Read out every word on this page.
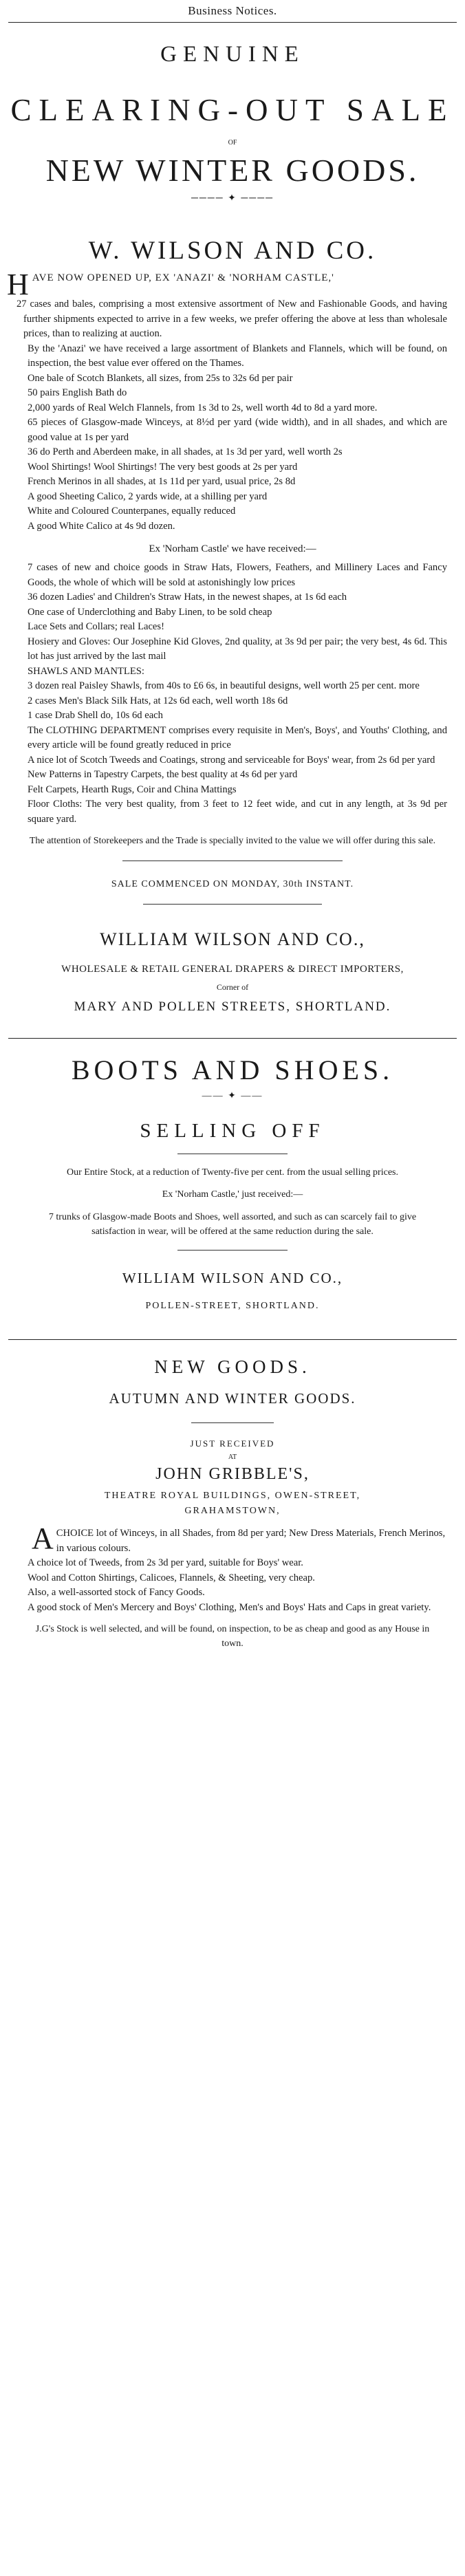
Business Notices.
GENUINE
CLEARING-OUT SALE
OF
NEW WINTER GOODS.
──── ✦ ────
W. WILSON AND CO.
H AVE NOW OPENED UP, EX 'ANAZI' & 'NORHAM CASTLE,'

27 cases and bales, comprising a most extensive assortment of New and Fashionable Goods, and having further shipments expected to arrive in a few weeks, we prefer offering the above at less than wholesale prices, than to realizing at auction.

By the 'Anazi' we have received a large assortment of Blankets and Flannels, which will be found, on inspection, the best value ever offered on the Thames.

One bale of Scotch Blankets, all sizes, from 25s to 32s 6d per pair

50 pairs English Bath do

2,000 yards of Real Welch Flannels, from 1s 3d to 2s, well worth 4d to 8d a yard more.

65 pieces of Glasgow-made Winceys, at 8½d per yard (wide width), and in all shades, and which are good value at 1s per yard

36 do Perth and Aberdeen make, in all shades, at 1s 3d per yard, well worth 2s

Wool Shirtings! Wool Shirtings! The very best goods at 2s per yard

French Merinos in all shades, at 1s 11d per yard, usual price, 2s 8d

A good Sheeting Calico, 2 yards wide, at a shilling per yard

White and Coloured Counterpanes, equally reduced

A good White Calico at 4s 9d dozen.

Ex 'Norham Castle' we have received:—

7 cases of new and choice goods in Straw Hats, Flowers, Feathers, and Millinery Laces and Fancy Goods, the whole of which will be sold at astonishingly low prices

36 dozen Ladies' and Children's Straw Hats, in the newest shapes, at 1s 6d each

One case of Underclothing and Baby Linen, to be sold cheap

Lace Sets and Collars; real Laces!

Hosiery and Gloves: Our Josephine Kid Gloves, 2nd quality, at 3s 9d per pair; the very best, 4s 6d. This lot has just arrived by the last mail

SHAWLS AND MANTLES:

3 dozen real Paisley Shawls, from 40s to £6 6s, in beautiful designs, well worth 25 per cent. more

2 cases Men's Black Silk Hats, at 12s 6d each, well worth 18s 6d

1 case Drab Shell do, 10s 6d each

The CLOTHING DEPARTMENT comprises every requisite in Men's, Boys', and Youths' Clothing, and every article will be found greatly reduced in price

A nice lot of Scotch Tweeds and Coatings, strong and serviceable for Boys' wear, from 2s 6d per yard

New Patterns in Tapestry Carpets, the best quality at 4s 6d per yard

Felt Carpets, Hearth Rugs, Coir and China Mattings

Floor Cloths: The very best quality, from 3 feet to 12 feet wide, and cut in any length, at 3s 9d per square yard.

The attention of Storekeepers and the Trade is specially invited to the value we will offer during this sale.

SALE COMMENCED ON MONDAY, 30th INSTANT.
WILLIAM WILSON AND CO.,
WHOLESALE & RETAIL GENERAL DRAPERS & DIRECT IMPORTERS,
Corner of
MARY AND POLLEN STREETS, SHORTLAND.
BOOTS AND SHOES.
—— ✦ ——
SELLING OFF

Our Entire Stock, at a reduction of Twenty-five per cent. from the usual selling prices.

Ex 'Norham Castle,' just received:—

7 trunks of Glasgow-made Boots and Shoes, well assorted, and such as can scarcely fail to give satisfaction in wear, will be offered at the same reduction during the sale.

WILLIAM WILSON AND CO.,
POLLEN-STREET, SHORTLAND.
NEW GOODS.
AUTUMN AND WINTER GOODS.
JUST RECEIVED
AT
JOHN GRIBBLE'S,
THEATRE ROYAL BUILDINGS, OWEN-STREET,
GRAHAMSTOWN,
A CHOICE lot of Winceys, in all Shades, from 8d per yard; New Dress Materials, French Merinos, in various colours.

A choice lot of Tweeds, from 2s 3d per yard, suitable for Boys' wear.

Wool and Cotton Shirtings, Calicoes, Flannels, & Sheeting, very cheap.

Also, a well-assorted stock of Fancy Goods.

A good stock of Men's Mercery and Boys' Clothing, Men's and Boys' Hats and Caps in great variety.

J.G's Stock is well selected, and will be found, on inspection, to be as cheap and good as any House in town.
